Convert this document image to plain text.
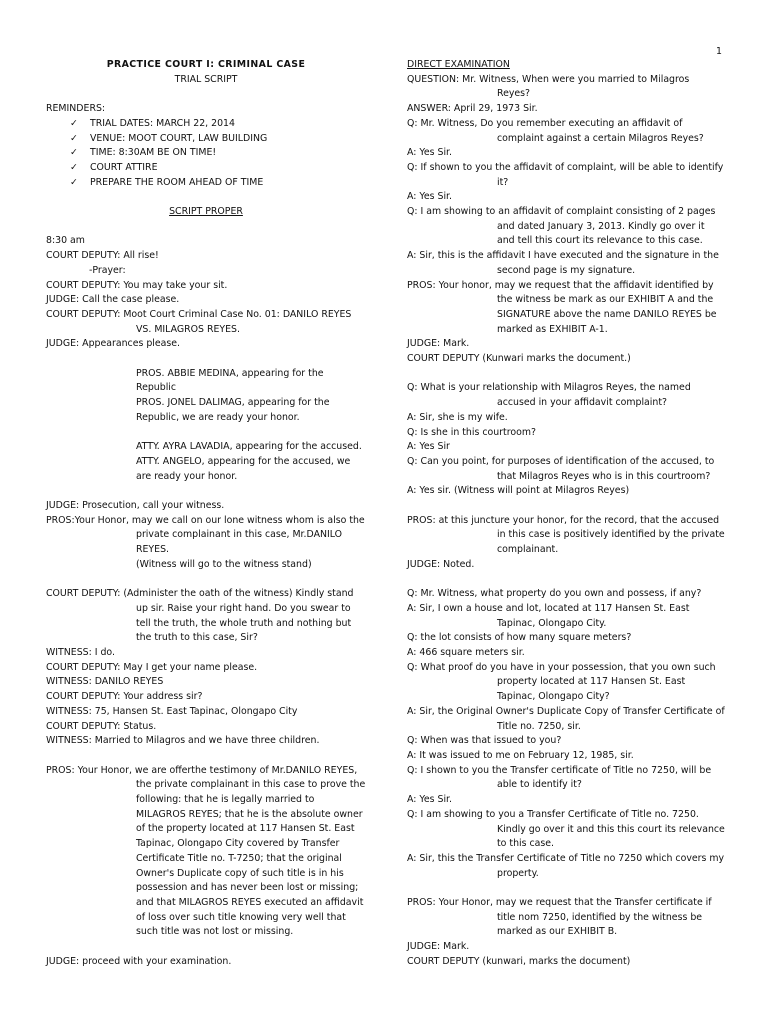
1

PRACTICE COURT I: CRIMINAL CASE

TRIAL SCRIPT

REMINDERS:

✓ TRIAL DATES: MARCH 22, 2014
✓ VENUE: MOOT COURT, LAW BUILDING
✓ TIME: 8:30AM BE ON TIME!
✓ COURT ATTIRE
✓ PREPARE THE ROOM AHEAD OF TIME

SCRIPT PROPER

8:30 am

COURT DEPUTY: All rise!

-Prayer:

COURT DEPUTY: You may take your sit.

JUDGE: Call the case please.

COURT DEPUTY: Moot Court Criminal Case No. 01: DANILO REYES VS. MILAGROS REYES.

JUDGE: Appearances please.

PROS. ABBIE MEDINA, appearing for the Republic

PROS. JONEL DALIMAG, appearing for the Republic, we are ready your honor.

ATTY. AYRA LAVADIA, appearing for the accused.

ATTY. ANGELO, appearing for the accused, we are ready your honor.

JUDGE: Prosecution, call your witness.

PROS:Your Honor, may we call on our lone witness whom is also the private complainant in this case, Mr.DANILO REYES.

(Witness will go to the witness stand)

COURT DEPUTY: (Administer the oath of the witness) Kindly stand up sir. Raise your right hand. Do you swear to tell the truth, the whole truth and nothing but the truth to this case, Sir?

WITNESS: I do.

COURT DEPUTY: May I get your name please.

WITNESS: DANILO REYES

COURT DEPUTY: Your address sir?

WITNESS: 75, Hansen St. East Tapinac, Olongapo City

COURT DEPUTY: Status.

WITNESS: Married to Milagros and we have three children.

PROS: Your Honor, we are offerthe testimony of Mr.DANILO REYES, the private complainant in this case to prove the following: that he is legally married to MILAGROS REYES; that he is the absolute owner of the property located at 117 Hansen St. East Tapinac, Olongapo City covered by Transfer Certificate Title no. T-7250; that the original Owner's Duplicate copy of such title is in his possession and has never been lost or missing; and that MILAGROS REYES executed an affidavit of loss over such title knowing very well that such title was not lost or missing.

JUDGE: proceed with your examination.

DIRECT EXAMINATION

QUESTION: Mr. Witness, When were you married to Milagros Reyes?

ANSWER: April 29, 1973 Sir.

Q: Mr. Witness, Do you remember executing an affidavit of complaint against a certain Milagros Reyes?

A: Yes Sir.

Q: If shown to you the affidavit of complaint, will be able to identify it?

A: Yes Sir.

Q: I am showing to an affidavit of complaint consisting of 2 pages and dated January 3, 2013. Kindly go over it and tell this court its relevance to this case.

A: Sir, this is the affidavit I have executed and the signature in the second page is my signature.

PROS: Your honor, may we request that the affidavit identified by the witness be mark as our EXHIBIT A and the SIGNATURE above the name DANILO REYES be marked as EXHIBIT A-1.

JUDGE: Mark.

COURT DEPUTY (Kunwari marks the document.)

Q: What is your relationship with Milagros Reyes, the named accused in your affidavit complaint?

A: Sir, she is my wife.

Q: Is she in this courtroom?

A: Yes Sir

Q: Can you point, for purposes of identification of the accused, to that Milagros Reyes who is in this courtroom?

A: Yes sir. (Witness will point at Milagros Reyes)

PROS: at this juncture your honor, for the record, that the accused in this case is positively identified by the private complainant.

JUDGE: Noted.

Q: Mr. Witness, what property do you own and possess, if any?

A: Sir, I own a house and lot, located at 117 Hansen St. East Tapinac, Olongapo City.

Q: the lot consists of how many square meters?

A: 466 square meters sir.

Q: What proof do you have in your possession, that you own such property located at 117 Hansen St. East Tapinac, Olongapo City?

A: Sir, the Original Owner's Duplicate Copy of Transfer Certificate of Title no. 7250, sir.

Q: When was that issued to you?

A: It was issued to me on February 12, 1985, sir.

Q: I shown to you the Transfer certificate of Title no 7250, will be able to identify it?

A: Yes Sir.

Q: I am showing to you a Transfer Certificate of Title no. 7250. Kindly go over it and this this court its relevance to this case.

A: Sir, this the Transfer Certificate of Title no 7250 which covers my property.

PROS: Your Honor, may we request that the Transfer certificate if title nom 7250, identified by the witness be marked as our EXHIBIT B.

JUDGE: Mark.

COURT DEPUTY (kunwari, marks the document)
